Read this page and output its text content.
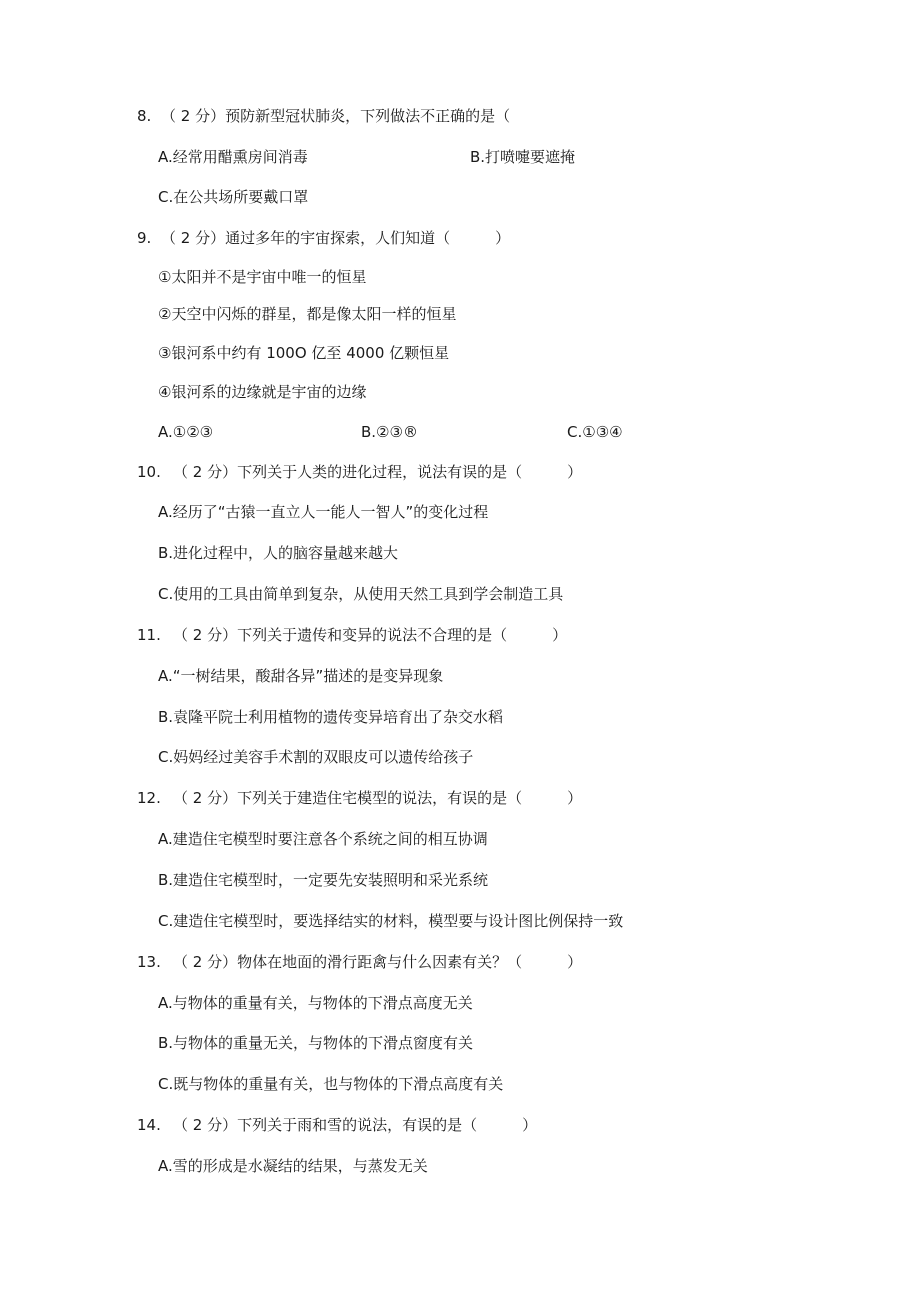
8. （ 2 分）预防新型冠状肺炎，下列做法不正确的是（
A.经常用醋熏房间消毒	B.打喷嚏要遮掩
C.在公共场所要戴口罩
9. （ 2 分）通过多年的宇宙探索，人们知道（　　　）
①太阳并不是宇宙中唯一的恒星
②天空中闪烁的群星，都是像太阳一样的恒星
③银河系中约有 100O 亿至 4000 亿颗恒星
④银河系的边缘就是宇宙的边缘
A.①②③	B.②③®	C.①③④
10. （ 2 分）下列关于人类的进化过程，说法有误的是（　　　）
A.经历了“古猿一直立人一能人一智人”的变化过程
B.进化过程中，人的脑容量越来越大
C.使用的工具由简单到复杂，从使用天然工具到学会制造工具
11. （ 2 分）下列关于遗传和变异的说法不合理的是（　　　）
A.“一树结果，酸甜各异”描述的是变异现象
B.袁隆平院士利用植物的遗传变异培育出了杂交水稻
C.妈妈经过美容手术割的双眼皮可以遗传给孩子
12. （ 2 分）下列关于建造住宅模型的说法，有误的是（　　　）
A.建造住宅模型时要注意各个系统之间的相互协调
B.建造住宅模型时，一定要先安装照明和采光系统
C.建造住宅模型时，要选择结实的材料，模型要与设计图比例保持一致
13. （ 2 分）物体在地面的滑行距禽与什么因素有关？（　　　）
A.与物体的重量有关，与物体的下滑点高度无关
B.与物体的重量无关，与物体的下滑点窗度有关
C.既与物体的重量有关，也与物体的下滑点高度有关
14. （ 2 分）下列关于雨和雪的说法，有误的是（　　　）
A.雪的形成是水凝结的结果，与蒸发无关
